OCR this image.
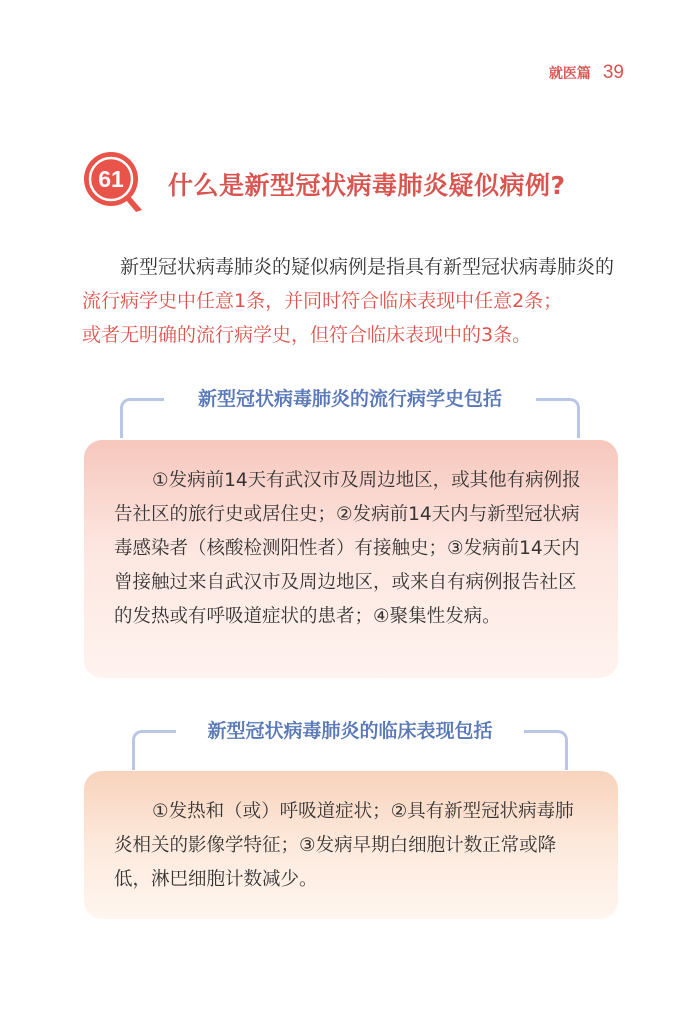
就医篇 39
61 什么是新型冠状病毒肺炎疑似病例?

新型冠状病毒肺炎的疑似病例是指具有新型冠状病毒肺炎的

流行病学史中任意1条，并同时符合临床表现中任意2条；

或者无明确的流行病学史，但符合临床表现中的3条。

新型冠状病毒肺炎的流行病学史包括

①发病前14天有武汉市及周边地区，或其他有病例报告社区的旅行史或居住史；②发病前14天内与新型冠状病毒感染者（核酸检测阳性者）有接触史；③发病前14天内曾接触过来自武汉市及周边地区，或来自有病例报告社区的发热或有呼吸道症状的患者；④聚集性发病。

新型冠状病毒肺炎的临床表现包括

①发热和（或）呼吸道症状；②具有新型冠状病毒肺炎相关的影像学特征；③发病早期白细胞计数正常或降低，淋巴细胞计数减少。
